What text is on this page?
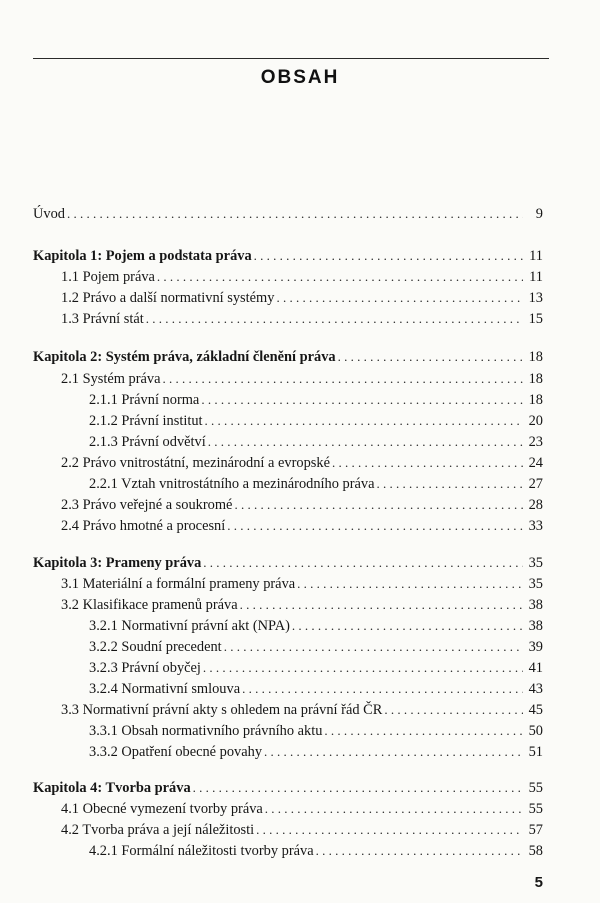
OBSAH
Úvod . . .	9
Kapitola 1: Pojem a podstata práva . . .	11
1.1 Pojem práva . . .	11
1.2 Právo a další normativní systémy . . .	13
1.3 Právní stát . . .	15
Kapitola 2: Systém práva, základní členění práva . . .	18
2.1 Systém práva . . .	18
2.1.1 Právní norma . . .	18
2.1.2 Právní institut . . .	20
2.1.3 Právní odvětví . . .	23
2.2 Právo vnitrostátní, mezinárodní a evropské . . .	24
2.2.1 Vztah vnitrostátního a mezinárodního práva . . .	27
2.3 Právo veřejné a soukromé . . .	28
2.4 Právo hmotné a procesní . . .	33
Kapitola 3: Prameny práva . . .	35
3.1 Materiální a formální prameny práva . . .	35
3.2 Klasifikace pramenů práva . . .	38
3.2.1 Normativní právní akt (NPA) . . .	38
3.2.2 Soudní precedent . . .	39
3.2.3 Právní obyčej . . .	41
3.2.4 Normativní smlouva . . .	43
3.3 Normativní právní akty s ohledem na právní řád ČR . . .	45
3.3.1 Obsah normativního právního aktu . . .	50
3.3.2 Opatření obecné povahy . . .	51
Kapitola 4: Tvorba práva . . .	55
4.1 Obecné vymezení tvorby práva . . .	55
4.2 Tvorba práva a její náležitosti . . .	57
4.2.1 Formální náležitosti tvorby práva . . .	58
5
